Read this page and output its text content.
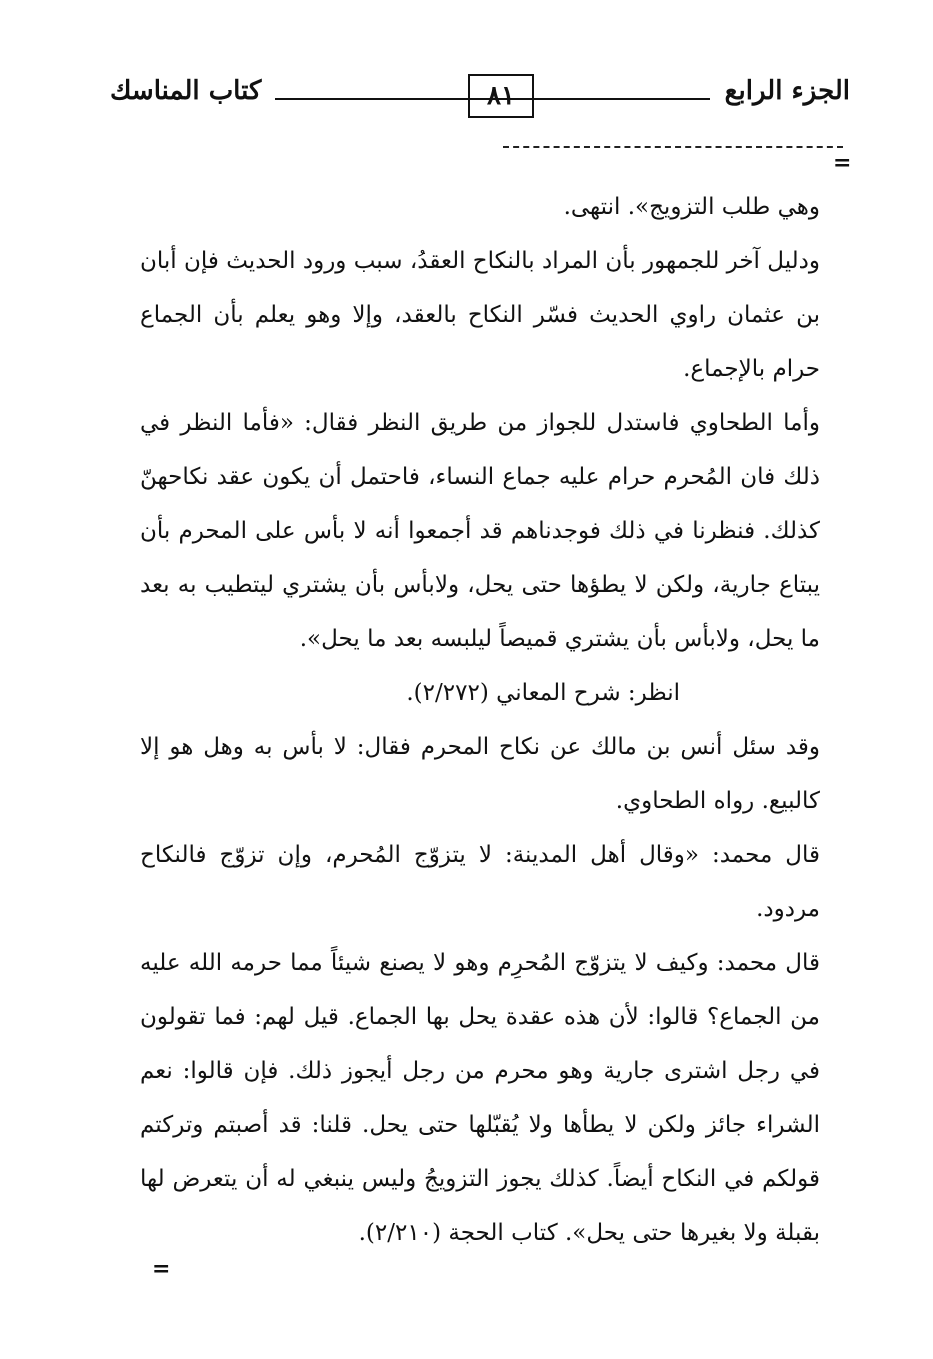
الجزء الرابع
٨١
كتاب المناسك
=

وهي طلب التزويج». انتهى.

ودليل آخر للجمهور بأن المراد بالنكاح العقدُ، سبب ورود الحديث فإن أبان بن عثمان راوي الحديث فسّر النكاح بالعقد، وإلا وهو يعلم بأن الجماع حرام بالإجماع.

وأما الطحاوي فاستدل للجواز من طريق النظر فقال: «فأما النظر في ذلك فان المُحرم حرام عليه جماع النساء، فاحتمل أن يكون عقد نكاحهنّ كذلك. فنظرنا في ذلك فوجدناهم قد أجمعوا أنه لا بأس على المحرم بأن يبتاع جارية، ولكن لا يطؤها حتى يحل، ولابأس بأن يشتري ليتطيب به بعد ما يحل، ولابأس بأن يشتري قميصاً ليلبسه بعد ما يحل».

انظر: شرح المعاني (٢/٢٧٢).

وقد سئل أنس بن مالك عن نكاح المحرم فقال: لا بأس به وهل هو إلا كالبيع. رواه الطحاوي.

قال محمد: «وقال أهل المدينة: لا يتزوّج المُحرم، وإن تزوّج فالنكاح مردود.

قال محمد: وكيف لا يتزوّج المُحرِم وهو لا يصنع شيئاً مما حرمه الله عليه من الجماع؟ قالوا: لأن هذه عقدة يحل بها الجماع. قيل لهم: فما تقولون في رجل اشترى جارية وهو محرم من رجل أيجوز ذلك. فإن قالوا: نعم الشراء جائز ولكن لا يطأها ولا يُقبّلها حتى يحل. قلنا: قد أصبتم وتركتم قولكم في النكاح أيضاً. كذلك يجوز التزويجُ وليس ينبغي له أن يتعرض لها بقبلة ولا بغيرها حتى يحل». كتاب الحجة (٢/٢١٠).

=
